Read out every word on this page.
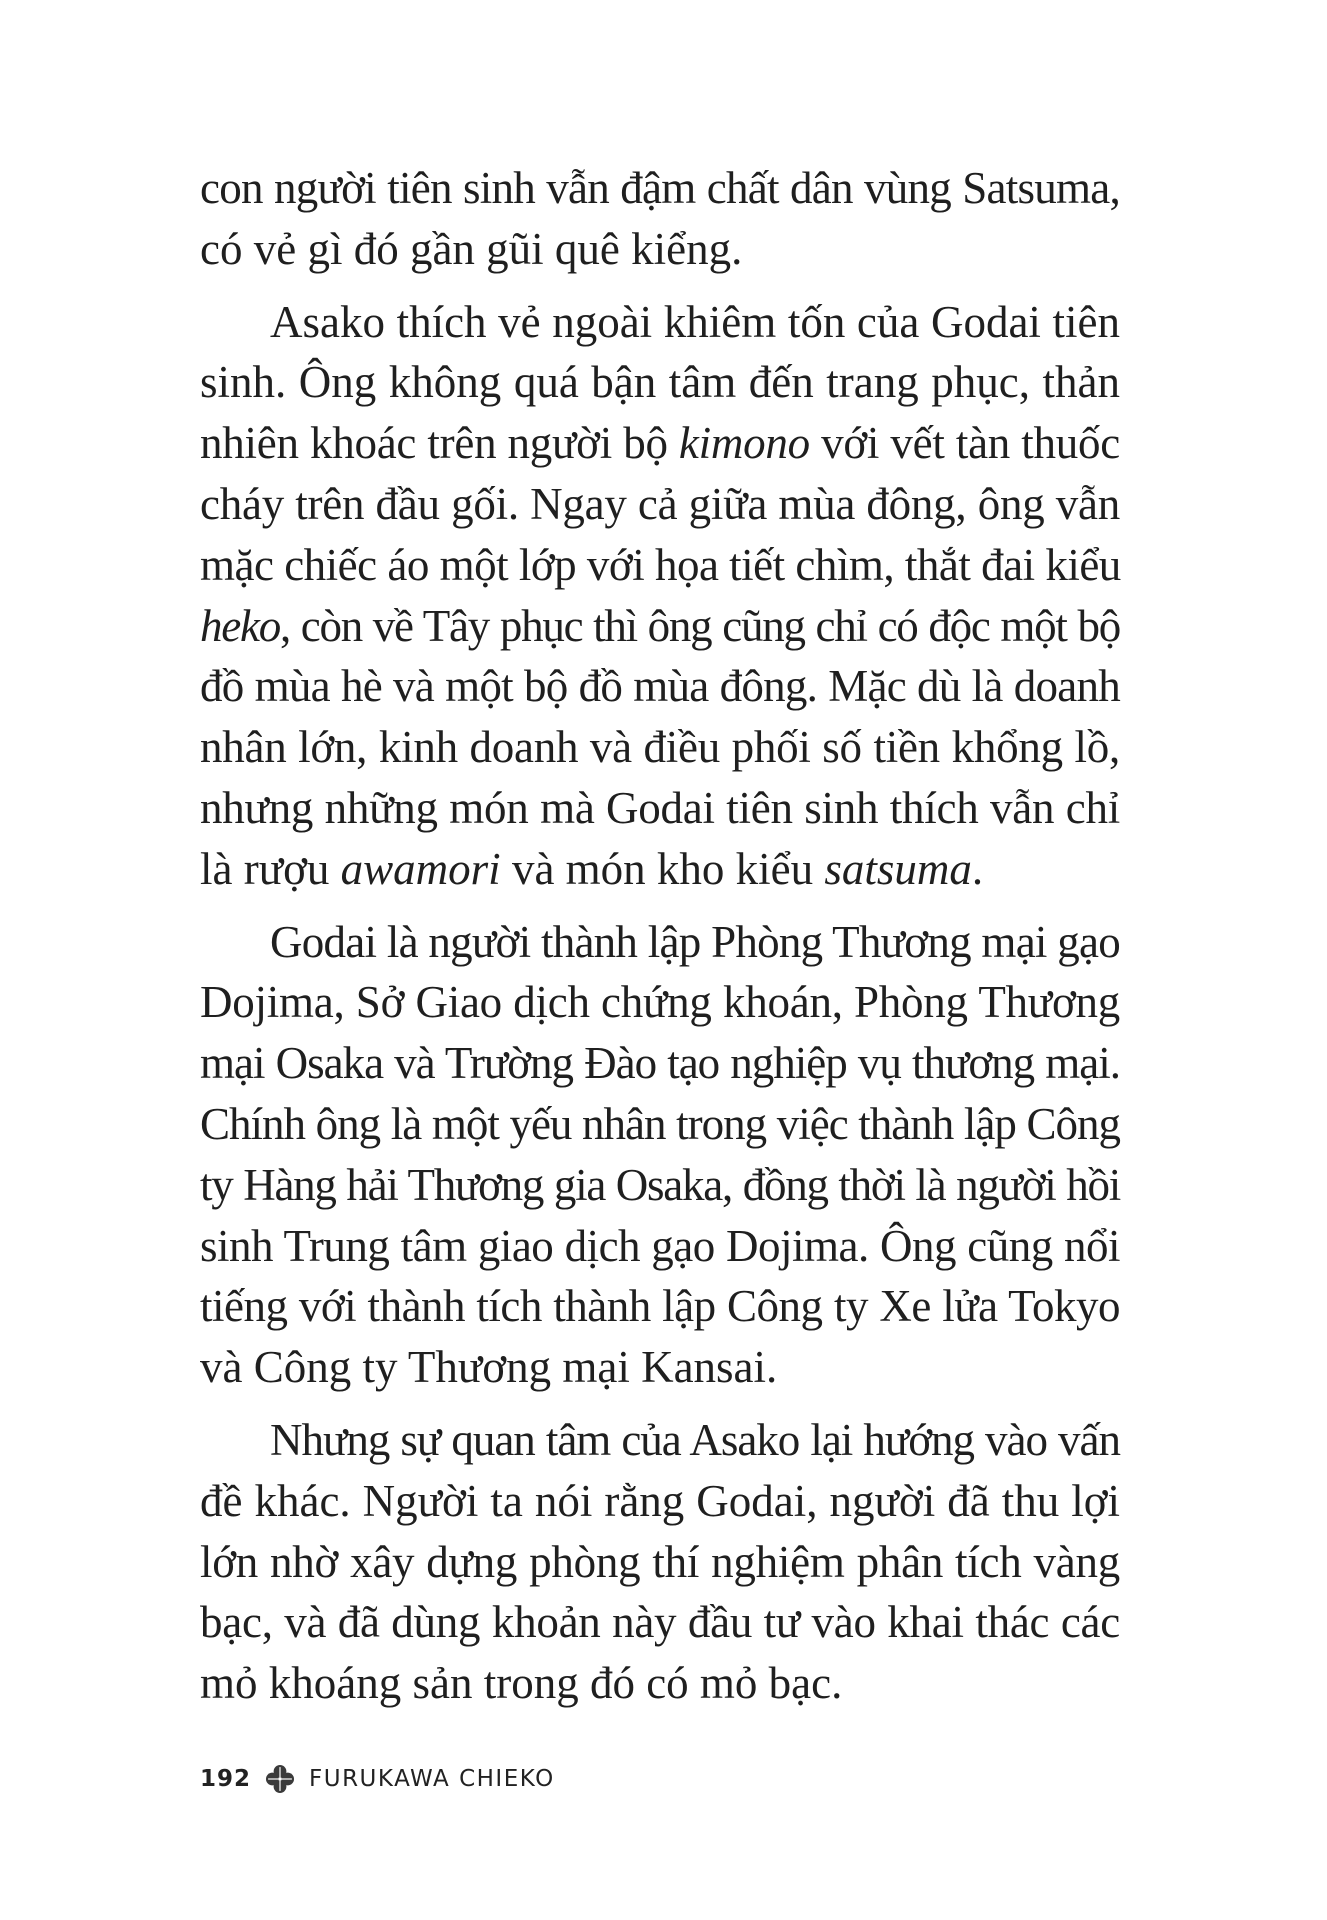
con người tiên sinh vẫn đậm chất dân vùng Satsuma,
có vẻ gì đó gần gũi quê kiểng.

Asako thích vẻ ngoài khiêm tốn của Godai tiên
sinh. Ông không quá bận tâm đến trang phục, thản
nhiên khoác trên người bộ kimono với vết tàn thuốc
cháy trên đầu gối. Ngay cả giữa mùa đông, ông vẫn
mặc chiếc áo một lớp với họa tiết chìm, thắt đai kiểu
heko, còn về Tây phục thì ông cũng chỉ có độc một bộ
đồ mùa hè và một bộ đồ mùa đông. Mặc dù là doanh
nhân lớn, kinh doanh và điều phối số tiền khổng lồ,
nhưng những món mà Godai tiên sinh thích vẫn chỉ
là rượu awamori và món kho kiểu satsuma.

Godai là người thành lập Phòng Thương mại gạo
Dojima, Sở Giao dịch chứng khoán, Phòng Thương
mại Osaka và Trường Đào tạo nghiệp vụ thương mại.
Chính ông là một yếu nhân trong việc thành lập Công
ty Hàng hải Thương gia Osaka, đồng thời là người hồi
sinh Trung tâm giao dịch gạo Dojima. Ông cũng nổi
tiếng với thành tích thành lập Công ty Xe lửa Tokyo
và Công ty Thương mại Kansai.

Nhưng sự quan tâm của Asako lại hướng vào vấn
đề khác. Người ta nói rằng Godai, người đã thu lợi
lớn nhờ xây dựng phòng thí nghiệm phân tích vàng
bạc, và đã dùng khoản này đầu tư vào khai thác các
mỏ khoáng sản trong đó có mỏ bạc.

192	FURUKAWA CHIEKO
